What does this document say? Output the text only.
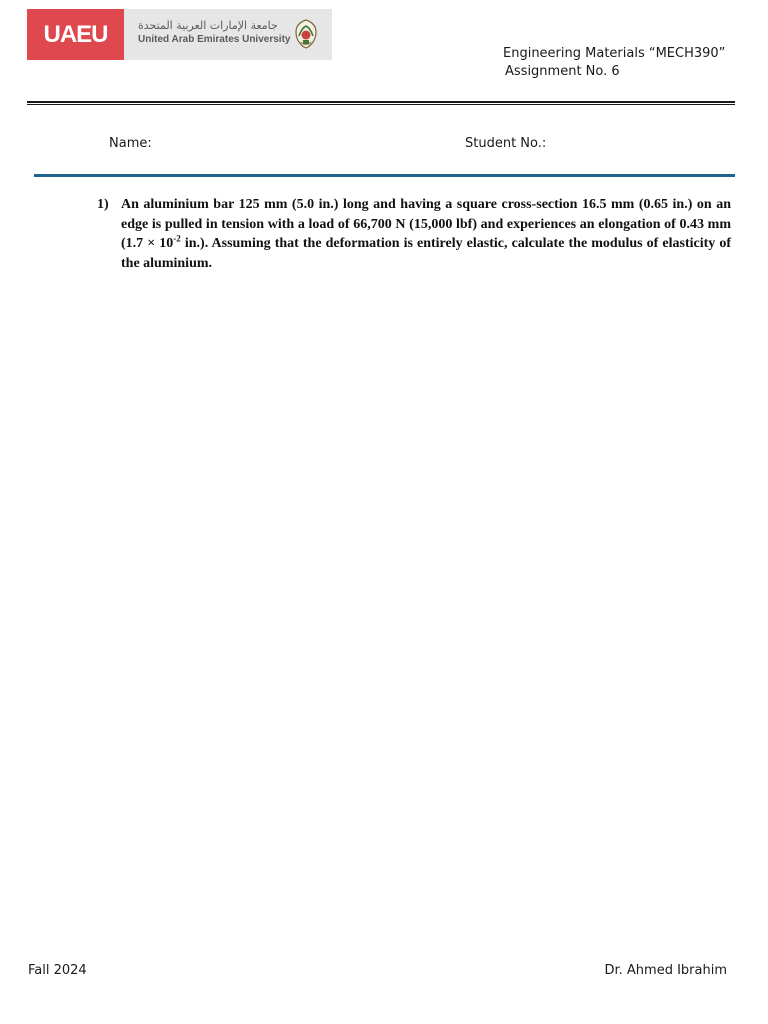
UAEU	جامعة الإمارات العربية المتحدة
United Arab Emirates University
Engineering Materials “MECH390”
Assignment No. 6
Name:	Student No.:
1) An aluminium bar 125 mm (5.0 in.) long and having a square cross-section 16.5 mm (0.65 in.) on an edge is pulled in tension with a load of 66,700 N (15,000 lbf) and experiences an elongation of 0.43 mm ($1.7 \times 10^{-2}$ in.). Assuming that the deformation is entirely elastic, calculate the modulus of elasticity of the aluminium.
Fall 2024	Dr. Ahmed Ibrahim
